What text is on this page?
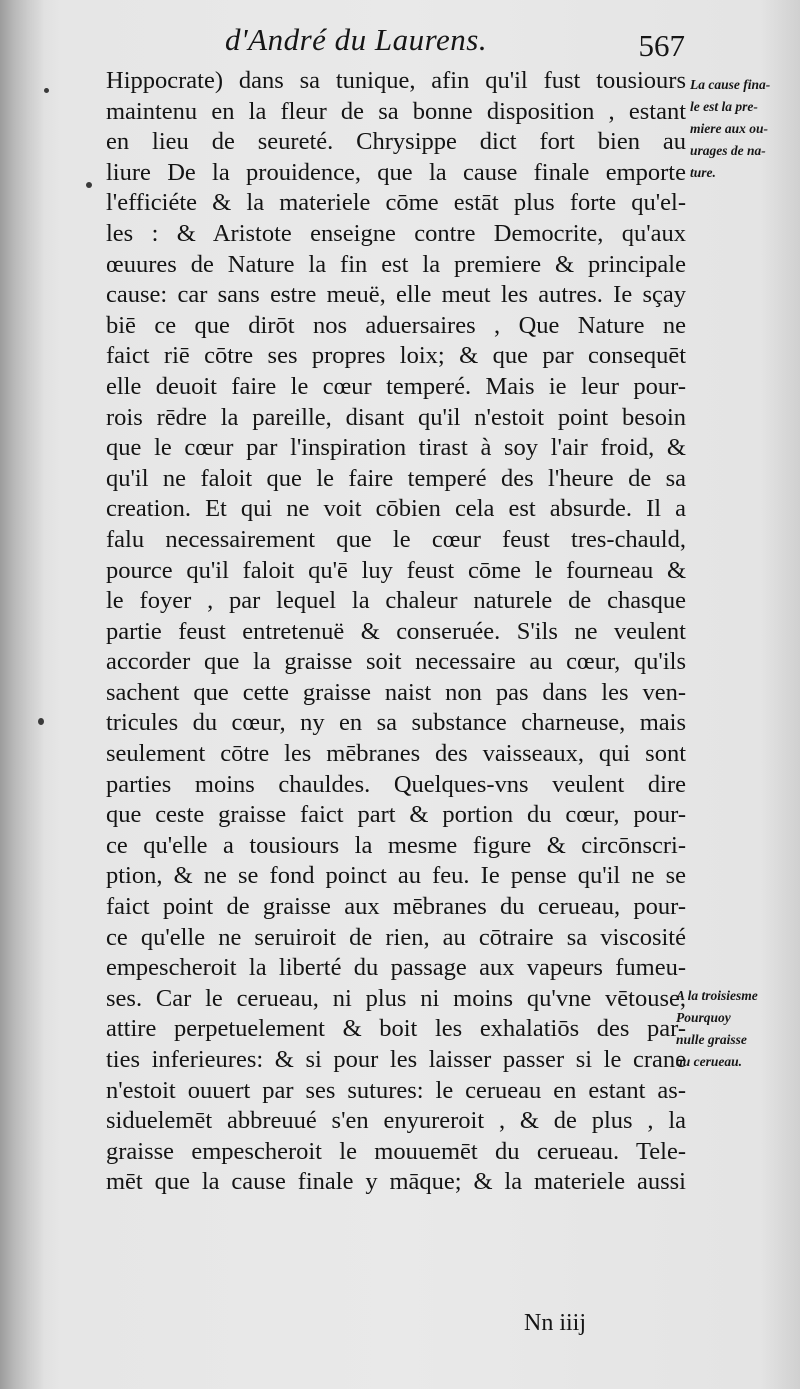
d'André du Laurens.	567
Hippocrate) dans sa tunique, afin qu'il fust tousiours
maintenu en la fleur de sa bonne disposition , estant
en lieu de seureté. Chrysippe dict fort bien au
liure De la prouidence, que la cause finale emporte
l'efficiéte & la materiele cōme estāt plus forte qu'el-
les : & Aristote enseigne contre Democrite, qu'aux
œuures de Nature la fin est la premiere & principale
cause: car sans estre meuë, elle meut les autres. Ie sçay
biē ce que dirōt nos aduersaires , Que Nature ne
faict riē cōtre ses propres loix; & que par consequēt
elle deuoit faire le cœur temperé. Mais ie leur pour-
rois rēdre la pareille, disant qu'il n'estoit point besoin
que le cœur par l'inspiration tirast à soy l'air froid, &
qu'il ne faloit que le faire temperé des l'heure de sa
creation. Et qui ne voit cōbien cela est absurde. Il a
falu necessairement que le cœur feust tres-chauld,
pource qu'il faloit qu'ē luy feust cōme le fourneau &
le foyer , par lequel la chaleur naturele de chasque
partie feust entretenuë & conseruée. S'ils ne veulent
accorder que la graisse soit necessaire au cœur, qu'ils
sachent que cette graisse naist non pas dans les ven-
tricules du cœur, ny en sa substance charneuse, mais
seulement cōtre les mēbranes des vaisseaux, qui sont
parties moins chauldes. Quelques-vns veulent dire
que ceste graisse faict part & portion du cœur, pour-
ce qu'elle a tousiours la mesme figure & circōnscri-
ption, & ne se fond poinct au feu. Ie pense qu'il ne se
faict point de graisse aux mēbranes du cerueau, pour-
ce qu'elle ne seruiroit de rien, au cōtraire sa viscosité
empescheroit la liberté du passage aux vapeurs fumeu-
ses. Car le cerueau, ni plus ni moins qu'vne vētouse,
attire perpetuelement & boit les exhalatiōs des par-
ties inferieures: & si pour les laisser passer si le crane
n'estoit ouuert par ses sutures: le cerueau en estant as-
siduelemēt abbreuué s'en enyureroit , & de plus , la
graisse empescheroit le mouuemēt du cerueau. Tele-
mēt que la cause finale y māque; & la materiele aussi
La cause fina-
le est la pre-
miere aux ou-
urages de na-
ture.
A la troisiesme
Pourquoy
nulle graisse
au cerueau.
Nn iiij
